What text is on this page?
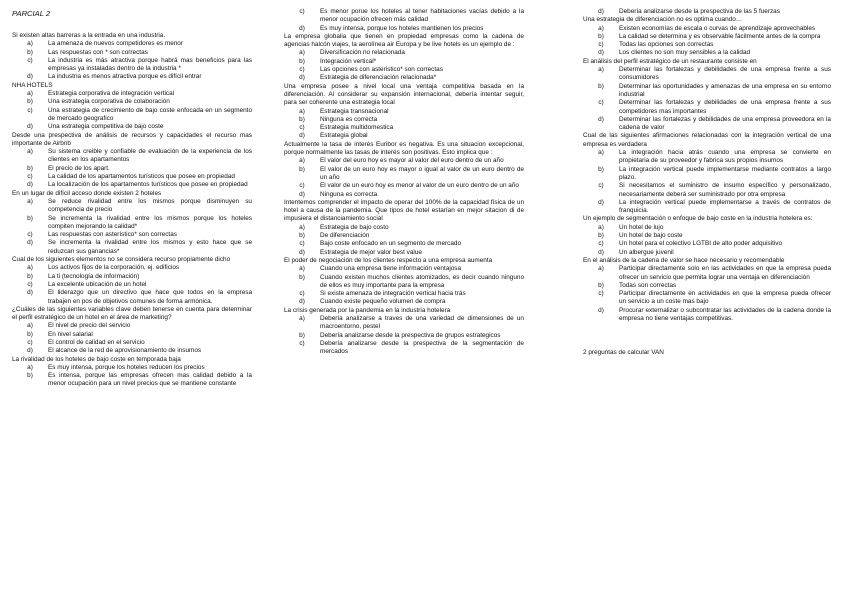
PARCIAL 2
Si existen altas barreras a la entrada en una industria.
a)	La amenaza de nuevos competidores es menor
b)	Las respuestas con * son correctas
c)	La industria es más atractiva porque habrá mas beneficios para las empresas ya instaladas dentro de la industria *
d)	La industria es menos atractiva porque es difícil entrar
NHA HOTELS
a)	Estrategia corporativa de integración vertical
b)	Una estrategia corporativa de colaboración
c)	Una estrategia de crecimiento de bajo coste enfocada en un segmento de mercado geografico
d)	Una estrategia competitiva de bajo coste
Desde una prespectiva de análisis de recursos y capacidades el recurso mas importante de Airbnb
a)	Su sistema creible y confiable de evaluación de la experiencia de los clientes en los apartamentos
b)	El precio de los apart.
c)	La calidad de los apartamentos turísticos que posee en propiedad
d)	La localización de los apartamentos turísticos que posee en propiedad
En un lugar de difícil acceso donde existen 2 hoteles
a)	Se reduce rivalidad entre los mismos porque disminuyen su competencia de precio
b)	Se incrementa la rivalidad entre los mismos porque los hoteles compiten mejorando la calidad*
c)	Las respuestas con asterístico* son correctas
d)	Se incrementa la rivalidad entre los mismos y esto hace que se reduzcan sus ganancias*
Cual de los siguientes elementos no se considera recurso propiamente dicho
a)	Los activos fijos de la corporación, ej. edificios
b)	La ti (tecnología de información)
c)	La excelente ubicación de un hotel
d)	El liderazgo que un directivo que hace que todos en la empresa trabajen en pos de objetivos comunes de forma armónica.
¿Cuáles de las siguientes variables clave deben tenerse en cuenta para determinar el perfil estratégico de un hotel en el área de marketing?
a)	El nivel de precio del servicio
b)	En nivel salarial
c)	El control de calidad en el servicio
d)	El alcance de la red de aprovisionamiento de insumos
La rivalidad de los hoteles de bajo coste en temporada baja
a)	Es muy intensa, porque los hoteles reducen los precios
b)	Es intensa, porque las empresas ofrecen mas calidad debido a la menor ocupación para un nivel precios que se mantiene constante
c)	Es menor porue los hoteles al tener habitaciones vacías debido a la menor ocupación ofrecen más calidad
d)	Es muy intensa, porque los hoteles mantienen los precios
La empresa globalia que tienen en propiedad empresas como la cadena de agencias halcón viajes, la aerolínea air Europa y be live hotels es un ejemplo de :
a)	Diversificación no relacionada
b)	Integración vertical*
c)	Las opciones con asteristico* son correctas
d)	Estrategia de diferenciación relacionada*
Una empresa posee a nivel local una ventaja competitiva basada en la diferenciación. Al considerar su expansión internacional, debería intentar seguir, para ser coherente una estrategia local
a)	Estrategia transnacional
b)	Ninguna es correcta
c)	Estrategia multidomestica
d)	Estrategia global
Actualmente la tasa de interés Euribor es negativa. Es una situacion excepcional, porque normalmente las tasas de interés son positivas. Esto implica que :
a)	El valor del euro hoy es mayor al valor del euro dentro de un año
b)	El valor de un euro hoy es mayor o igual al valor de un euro dentro de un año
c)	El valor de un euro hoy es menor al valor de un euro dentro de un año
d)	Ninguna es correcta
Intentemos comprender el impacto de operar del 100% de la capacidad física de un hotel a causa de la pandemia. Que tipos de hotel estarían en mejor sitacion di de impusiera el distanciamiento social
a)	Estrategia de bajo costo
b)	De diferenciación
c)	Bajo coste enfocado en un segmento de mercado
d)	Estrategia de mejor valor best value
El poder de negociación de los clientes respecto a una empresa aumenta
a)	Cuando una empresa tiene información ventajosa
b)	Cuando existen muchos clientes atomizados, es decir cuando ninguno de ellos es muy importante para la empresa
c)	Si existe amenaza de integración vertical hacia trás
d)	Cuando existe pequeño volumen de compra
La crisis generada por la pandemia en la industria hotelera
a)	Debería analizarse a traves de una variedad de dimensiones de un macroentorno, pestel
b)	Debería analizarse desde la prespectiva de grupos estrategicos
c)	Debería analizarse desde la prespectiva de la segmentación de mercados
d)	Debería analizarse desde la prespectiva de las 5 fuerzas
Una estrategia de diferenciación no es optima cuando…
a)	Existen economías de escala o curvas de aprendizaje aprovechables
b)	La calidad se determina y es observable fácilmente antes de la compra
c)	Todas las opciones son correctas
d)	Los clientes no son muy sensibles a la calidad
El análisis del perfil estratégico de un restaurante consiste en
a)	Determinar las fortalezas y debilidades de una empresa frente a sus consumidores
b)	Determinar las oportunidades y amenazas de una empresa en su entorno industrial
c)	Determinar las fortalezas y debilidades de una empresa frente a sus competidores mas importantes
d)	Determinar las fortalezas y debilidades de una empresa proveedora en la cadena de valor
Cual de las siguientes afirmaciones relacionadas con la integración vertical de una empresa es verdadera
a)	La integración hacia atrás cuando una empresa se convierte en propietaria de su proveedor y fabrica sus propios insumos
b)	La integración vertical puede implementarse mediante contratos a largo plazo.
c)	Si necesitamos el suministro de insumo específico y personalizado, necesariamente deberá ser suministrado por otra empresa
d)	La integración vertical puede implementarse a través de contratos de franquicia.
Un ejemplo de segmentación o enfoque de bajo coste en la industria hotelera es:
a)	Un hotel de lujo
b)	Un hotel de bajo coste
c)	Un hotel para el colectivo LGTBI de alto poder adquisitivo
d)	Un albergue juvenil
En el análisis de la cadena de valor se hace necesario y recomendable
a)	Participar directamente solo en las actividades en que la empresa pueda ofrecer un servicio que permita lograr una ventaja en diferenciación
b)	Todas son correctas
c)	Participar directamente en actividades en que la empresa pueda ofrecer un servicio a un coste mas bajo
d)	Procurar externalizar o subcontratar las actividades de la cadena donde la empresa no tiene ventajas competitivas.
2 preguntas de calcular VAN
